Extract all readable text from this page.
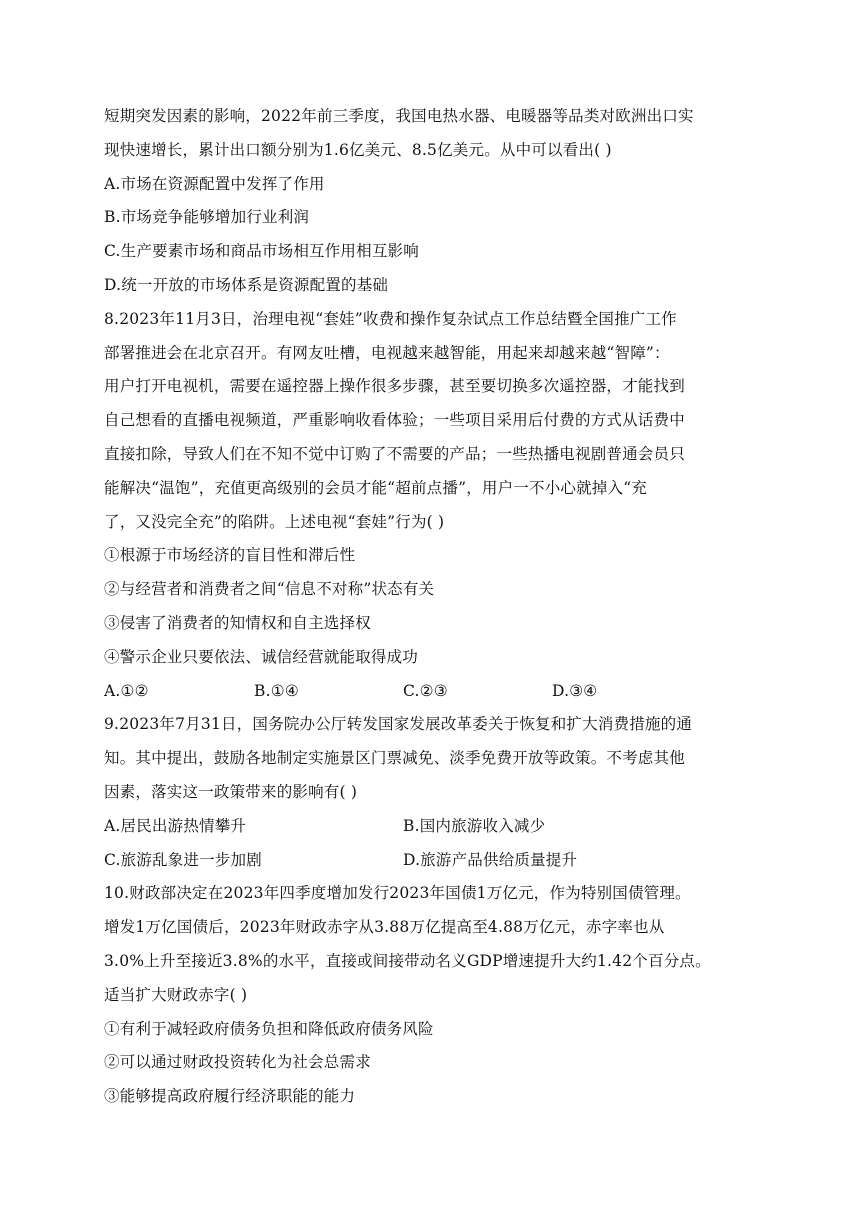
短期突发因素的影响，2022年前三季度，我国电热水器、电暖器等品类对欧洲出口实
现快速增长，累计出口额分别为1.6亿美元、8.5亿美元。从中可以看出( )
A.市场在资源配置中发挥了作用
B.市场竞争能够增加行业利润
C.生产要素市场和商品市场相互作用相互影响
D.统一开放的市场体系是资源配置的基础
8.2023年11月3日，治理电视“套娃”收费和操作复杂试点工作总结暨全国推广工作
部署推进会在北京召开。有网友吐槽，电视越来越智能，用起来却越来越“智障”：
用户打开电视机，需要在遥控器上操作很多步骤，甚至要切换多次遥控器，才能找到
自己想看的直播电视频道，严重影响收看体验；一些项目采用后付费的方式从话费中
直接扣除，导致人们在不知不觉中订购了不需要的产品；一些热播电视剧普通会员只
能解决“温饱”，充值更高级别的会员才能“超前点播”，用户一不小心就掉入“充
了，又没完全充”的陷阱。上述电视“套娃”行为( )
①根源于市场经济的盲目性和滞后性
②与经营者和消费者之间“信息不对称”状态有关
③侵害了消费者的知情权和自主选择权
④警示企业只要依法、诚信经营就能取得成功
A.①②	B.①④	C.②③	D.③④
9.2023年7月31日，国务院办公厅转发国家发展改革委关于恢复和扩大消费措施的通
知。其中提出，鼓励各地制定实施景区门票减免、淡季免费开放等政策。不考虑其他
因素，落实这一政策带来的影响有( )
A.居民出游热情攀升	B.国内旅游收入减少
C.旅游乱象进一步加剧	D.旅游产品供给质量提升
10.财政部决定在2023年四季度增加发行2023年国债1万亿元，作为特别国债管理。
增发1万亿国债后，2023年财政赤字从3.88万亿提高至4.88万亿元，赤字率也从
3.0%上升至接近3.8%的水平，直接或间接带动名义GDP增速提升大约1.42个百分点。
适当扩大财政赤字( )
①有利于减轻政府债务负担和降低政府债务风险
②可以通过财政投资转化为社会总需求
③能够提高政府履行经济职能的能力
